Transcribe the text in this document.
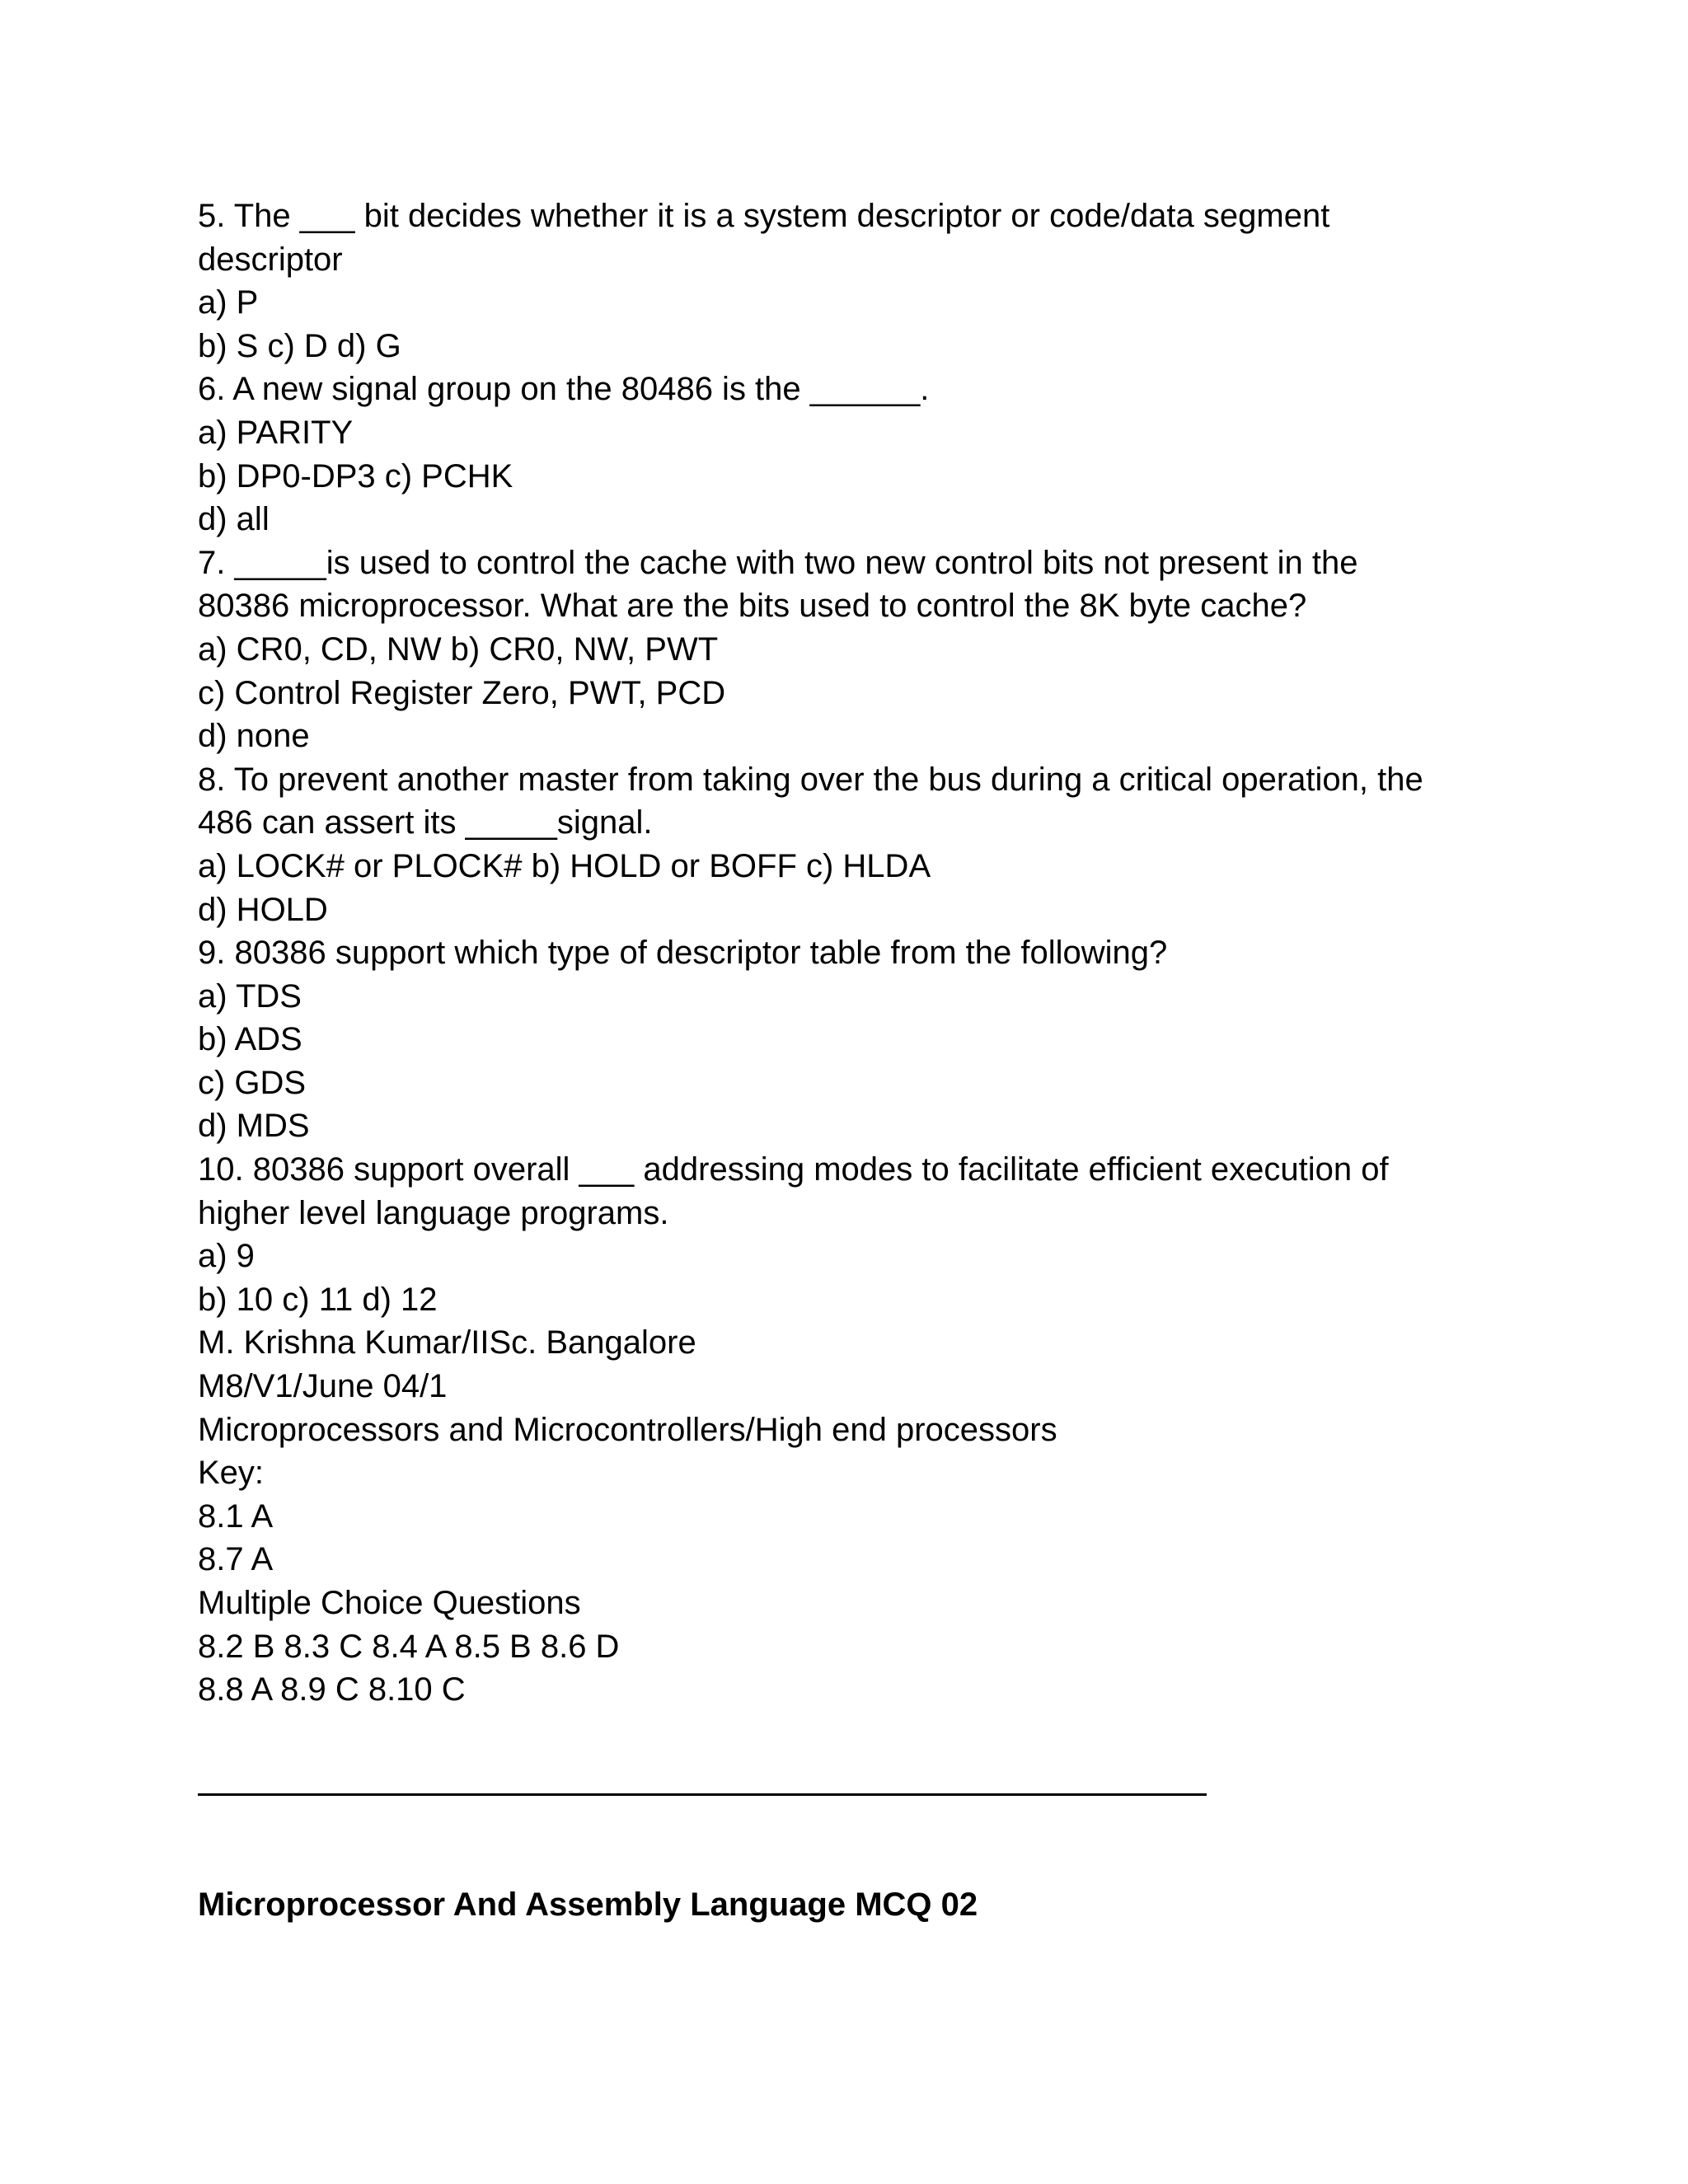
5. The ___ bit decides whether it is a system descriptor or code/data segment
descriptor
a) P
b) S c) D d) G
6. A new signal group on the 80486 is the ______.
a) PARITY
b) DP0-DP3 c) PCHK
d) all
7. _____is used to control the cache with two new control bits not present in the
80386 microprocessor. What are the bits used to control the 8K byte cache?
a) CR0, CD, NW b) CR0, NW, PWT
c) Control Register Zero, PWT, PCD
d) none
8. To prevent another master from taking over the bus during a critical operation, the
486 can assert its _____signal.
a) LOCK# or PLOCK# b) HOLD or BOFF c) HLDA
d) HOLD
9. 80386 support which type of descriptor table from the following?
a) TDS
b) ADS
c) GDS
d) MDS
10. 80386 support overall ___ addressing modes to facilitate efficient execution of
higher level language programs.
a) 9
b) 10 c) 11 d) 12
M. Krishna Kumar/IISc. Bangalore
M8/V1/June 04/1
Microprocessors and Microcontrollers/High end processors
Key:
8.1 A
8.7 A
Multiple Choice Questions
8.2 B 8.3 C 8.4 A 8.5 B 8.6 D
8.8 A 8.9 C 8.10 C
Microprocessor And Assembly Language MCQ 02
